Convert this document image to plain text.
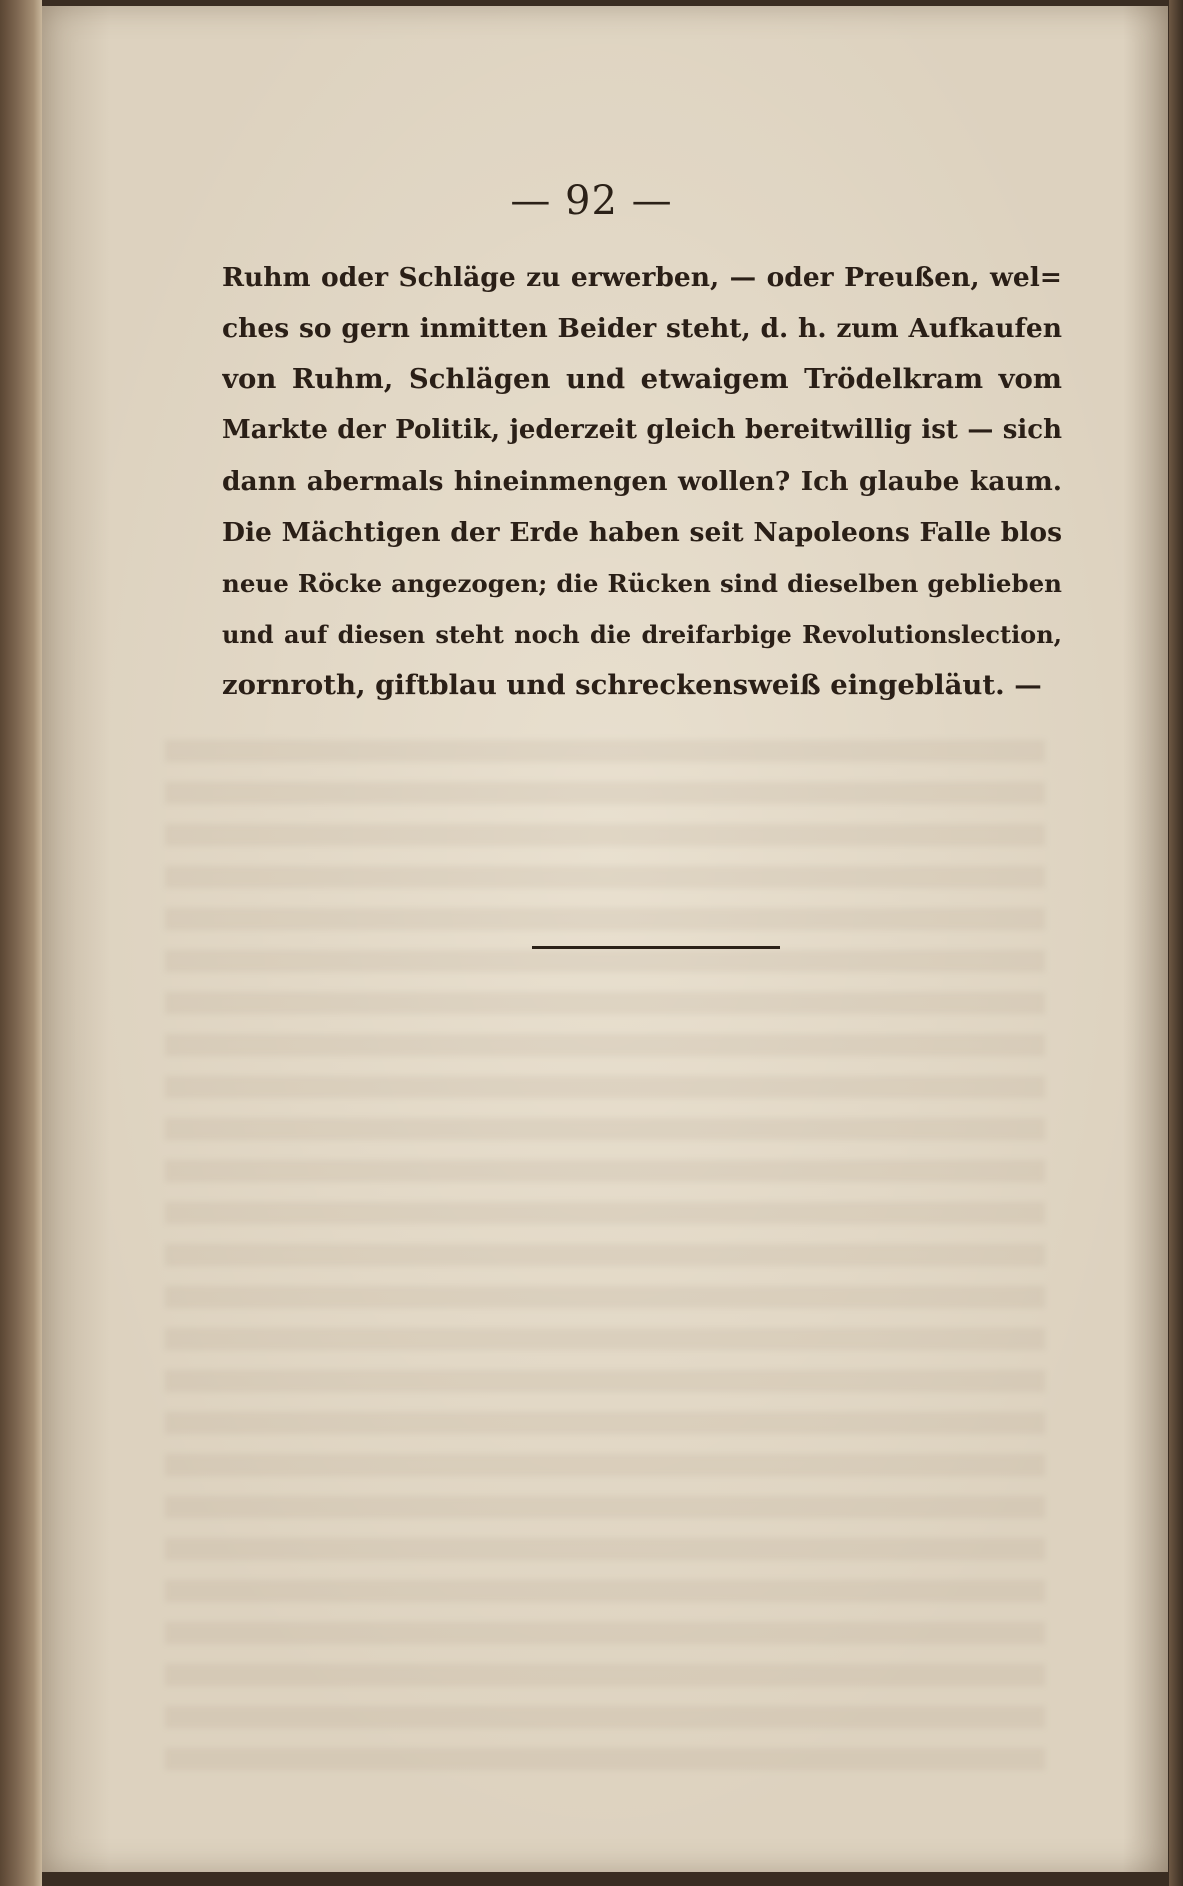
— 92 —
Ruhm oder Schläge zu erwerben, — oder Preußen, wel=
ches so gern inmitten Beider steht, d. h. zum Aufkaufen
von Ruhm, Schlägen und etwaigem Trödelkram vom
Markte der Politik, jederzeit gleich bereitwillig ist — sich
dann abermals hineinmengen wollen? Ich glaube kaum.
Die Mächtigen der Erde haben seit Napoleons Falle blos
neue Röcke angezogen; die Rücken sind dieselben geblieben
und auf diesen steht noch die dreifarbige Revolutionslection,
zornroth, giftblau und schreckensweiß eingebläut. —
